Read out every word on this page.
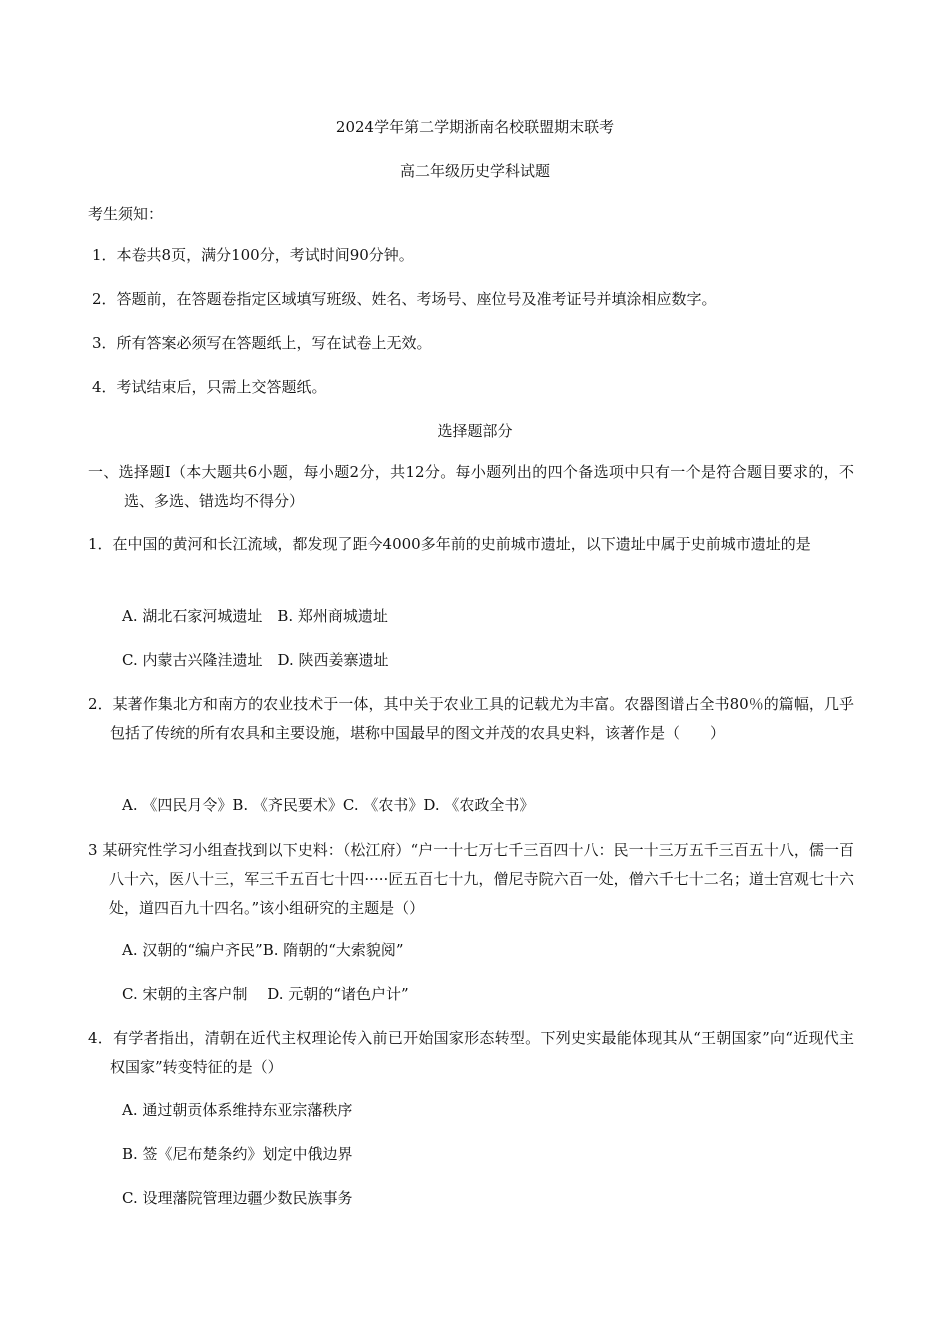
2024学年第二学期浙南名校联盟期末联考
高二年级历史学科试题
考生须知：
1．本卷共8页，满分100分，考试时间90分钟。
2．答题前，在答题卷指定区域填写班级、姓名、考场号、座位号及准考证号并填涂相应数字。
3．所有答案必须写在答题纸上，写在试卷上无效。
4．考试结束后，只需上交答题纸。
选择题部分
一、选择题Ⅰ（本大题共6小题，每小题2分，共12分。每小题列出的四个备选项中只有一个是符合题目要求的，不选、多选、错选均不得分）
1．在中国的黄河和长江流域，都发现了距今4000多年前的史前城市遗址，以下遗址中属于史前城市遗址的是
A. 湖北石家河城遗址　B. 郑州商城遗址
C. 内蒙古兴隆洼遗址　D. 陕西姜寨遗址
2．某著作集北方和南方的农业技术于一体，其中关于农业工具的记载尤为丰富。农器图谱占全书80％的篇幅，几乎包括了传统的所有农具和主要设施，堪称中国最早的图文并茂的农具史料，该著作是（　　）
A. 《四民月令》B. 《齐民要术》C. 《农书》D. 《农政全书》
3 某研究性学习小组查找到以下史料：（松江府）“户一十七万七千三百四十八：民一十三万五千三百五十八，儒一百八十六，医八十三，军三千五百七十四·····匠五百七十九，僧尼寺院六百一处，僧六千七十二名；道士宫观七十六处，道四百九十四名。”该小组研究的主题是（）
A. 汉朝的“编户齐民”B. 隋朝的“大索貌阅”
C. 宋朝的主客户制　 D. 元朝的“诸色户计”
4．有学者指出，清朝在近代主权理论传入前已开始国家形态转型。下列史实最能体现其从“王朝国家”向“近现代主权国家”转变特征的是（）
A. 通过朝贡体系维持东亚宗藩秩序
B. 签《尼布楚条约》划定中俄边界
C. 设理藩院管理边疆少数民族事务
